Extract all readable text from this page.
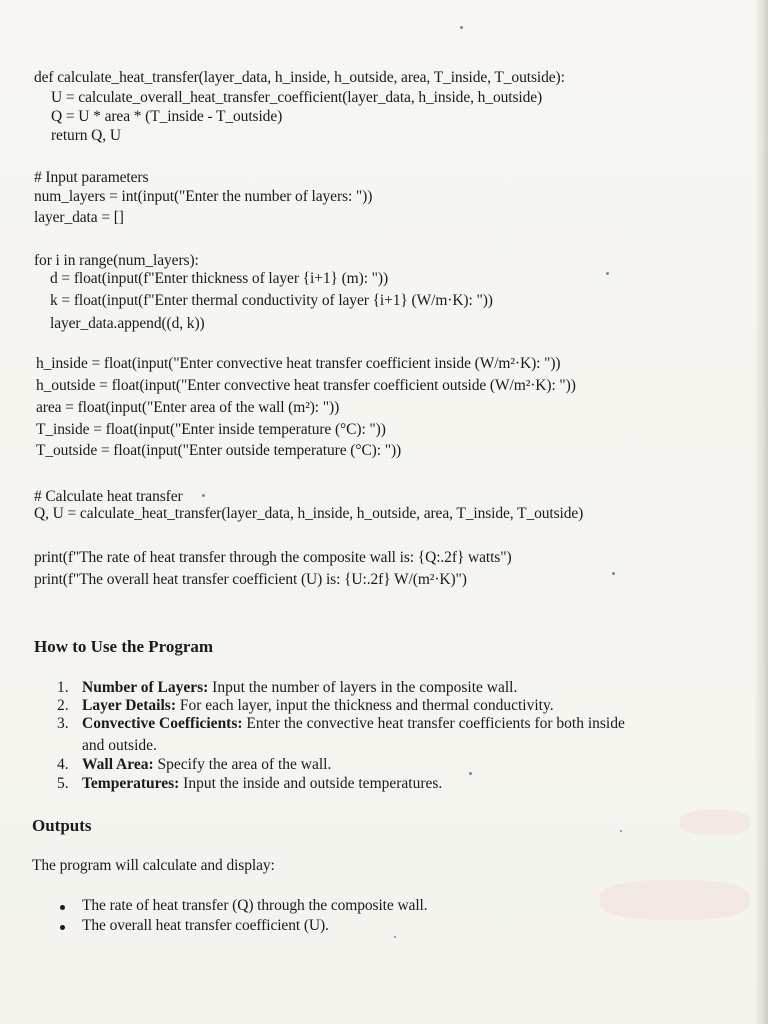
def calculate_heat_transfer(layer_data, h_inside, h_outside, area, T_inside, T_outside):
U = calculate_overall_heat_transfer_coefficient(layer_data, h_inside, h_outside)
Q = U * area * (T_inside - T_outside)
return Q, U
# Input parameters
num_layers = int(input("Enter the number of layers: "))
layer_data = []
for i in range(num_layers):
d = float(input(f"Enter thickness of layer {i+1} (m): "))
k = float(input(f"Enter thermal conductivity of layer {i+1} (W/m·K): "))
layer_data.append((d, k))
h_inside = float(input("Enter convective heat transfer coefficient inside (W/m²·K): "))
h_outside = float(input("Enter convective heat transfer coefficient outside (W/m²·K): "))
area = float(input("Enter area of the wall (m²): "))
T_inside = float(input("Enter inside temperature (°C): "))
T_outside = float(input("Enter outside temperature (°C): "))
# Calculate heat transfer
Q, U = calculate_heat_transfer(layer_data, h_inside, h_outside, area, T_inside, T_outside)
print(f"The rate of heat transfer through the composite wall is: {Q:.2f} watts")
print(f"The overall heat transfer coefficient (U) is: {U:.2f} W/(m²·K)")
How to Use the Program
1. Number of Layers: Input the number of layers in the composite wall.
2. Layer Details: For each layer, input the thickness and thermal conductivity.
3. Convective Coefficients: Enter the convective heat transfer coefficients for both inside
and outside.
4. Wall Area: Specify the area of the wall.
5. Temperatures: Input the inside and outside temperatures.
Outputs
The program will calculate and display:
The rate of heat transfer (Q) through the composite wall.
The overall heat transfer coefficient (U).
